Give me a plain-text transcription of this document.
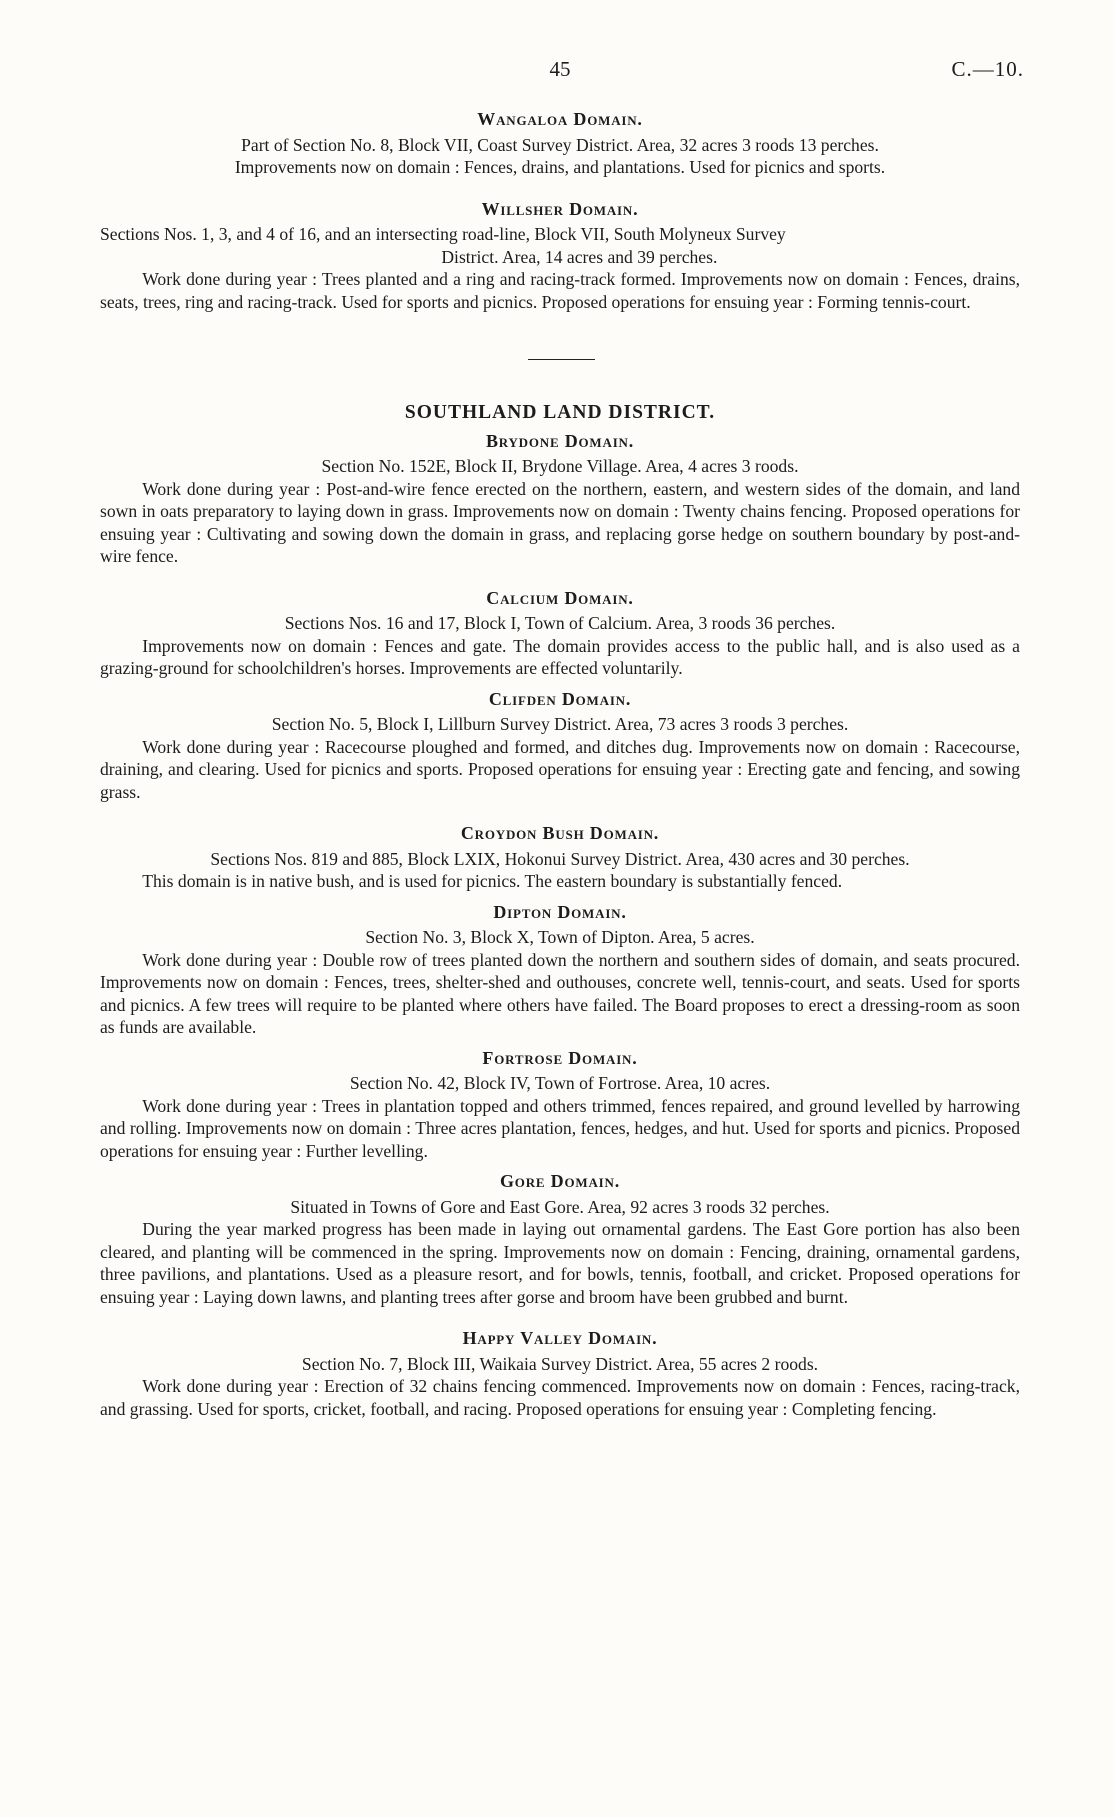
45	C.—10.
Wangaloa Domain.

Part of Section No. 8, Block VII, Coast Survey District. Area, 32 acres 3 roods 13 perches.

Improvements now on domain : Fences, drains, and plantations. Used for picnics and sports.

Willsher Domain.

Sections Nos. 1, 3, and 4 of 16, and an intersecting road-line, Block VII, South Molyneux Survey
District. Area, 14 acres and 39 perches.

Work done during year : Trees planted and a ring and racing-track formed. Improvements now on domain : Fences, drains, seats, trees, ring and racing-track. Used for sports and picnics. Proposed operations for ensuing year : Forming tennis-court.

SOUTHLAND LAND DISTRICT.
Brydone Domain.

Section No. 152E, Block II, Brydone Village. Area, 4 acres 3 roods.

Work done during year : Post-and-wire fence erected on the northern, eastern, and western sides of the domain, and land sown in oats preparatory to laying down in grass. Improvements now on domain : Twenty chains fencing. Proposed operations for ensuing year : Cultivating and sowing down the domain in grass, and replacing gorse hedge on southern boundary by post-and-wire fence.

Calcium Domain.

Sections Nos. 16 and 17, Block I, Town of Calcium. Area, 3 roods 36 perches.

Improvements now on domain : Fences and gate. The domain provides access to the public hall, and is also used as a grazing-ground for schoolchildren's horses. Improvements are effected voluntarily.

Clifden Domain.

Section No. 5, Block I, Lillburn Survey District. Area, 73 acres 3 roods 3 perches.

Work done during year : Racecourse ploughed and formed, and ditches dug. Improvements now on domain : Racecourse, draining, and clearing. Used for picnics and sports. Proposed operations for ensuing year : Erecting gate and fencing, and sowing grass.

Croydon Bush Domain.

Sections Nos. 819 and 885, Block LXIX, Hokonui Survey District. Area, 430 acres and 30 perches.

This domain is in native bush, and is used for picnics. The eastern boundary is substantially fenced.

Dipton Domain.

Section No. 3, Block X, Town of Dipton. Area, 5 acres.

Work done during year : Double row of trees planted down the northern and southern sides of domain, and seats procured. Improvements now on domain : Fences, trees, shelter-shed and outhouses, concrete well, tennis-court, and seats. Used for sports and picnics. A few trees will require to be planted where others have failed. The Board proposes to erect a dressing-room as soon as funds are available.

Fortrose Domain.

Section No. 42, Block IV, Town of Fortrose. Area, 10 acres.

Work done during year : Trees in plantation topped and others trimmed, fences repaired, and ground levelled by harrowing and rolling. Improvements now on domain : Three acres plantation, fences, hedges, and hut. Used for sports and picnics. Proposed operations for ensuing year : Further levelling.

Gore Domain.

Situated in Towns of Gore and East Gore. Area, 92 acres 3 roods 32 perches.

During the year marked progress has been made in laying out ornamental gardens. The East Gore portion has also been cleared, and planting will be commenced in the spring. Improvements now on domain : Fencing, draining, ornamental gardens, three pavilions, and plantations. Used as a pleasure resort, and for bowls, tennis, football, and cricket. Proposed operations for ensuing year : Laying down lawns, and planting trees after gorse and broom have been grubbed and burnt.

Happy Valley Domain.

Section No. 7, Block III, Waikaia Survey District. Area, 55 acres 2 roods.

Work done during year : Erection of 32 chains fencing commenced. Improvements now on domain : Fences, racing-track, and grassing. Used for sports, cricket, football, and racing. Proposed operations for ensuing year : Completing fencing.
